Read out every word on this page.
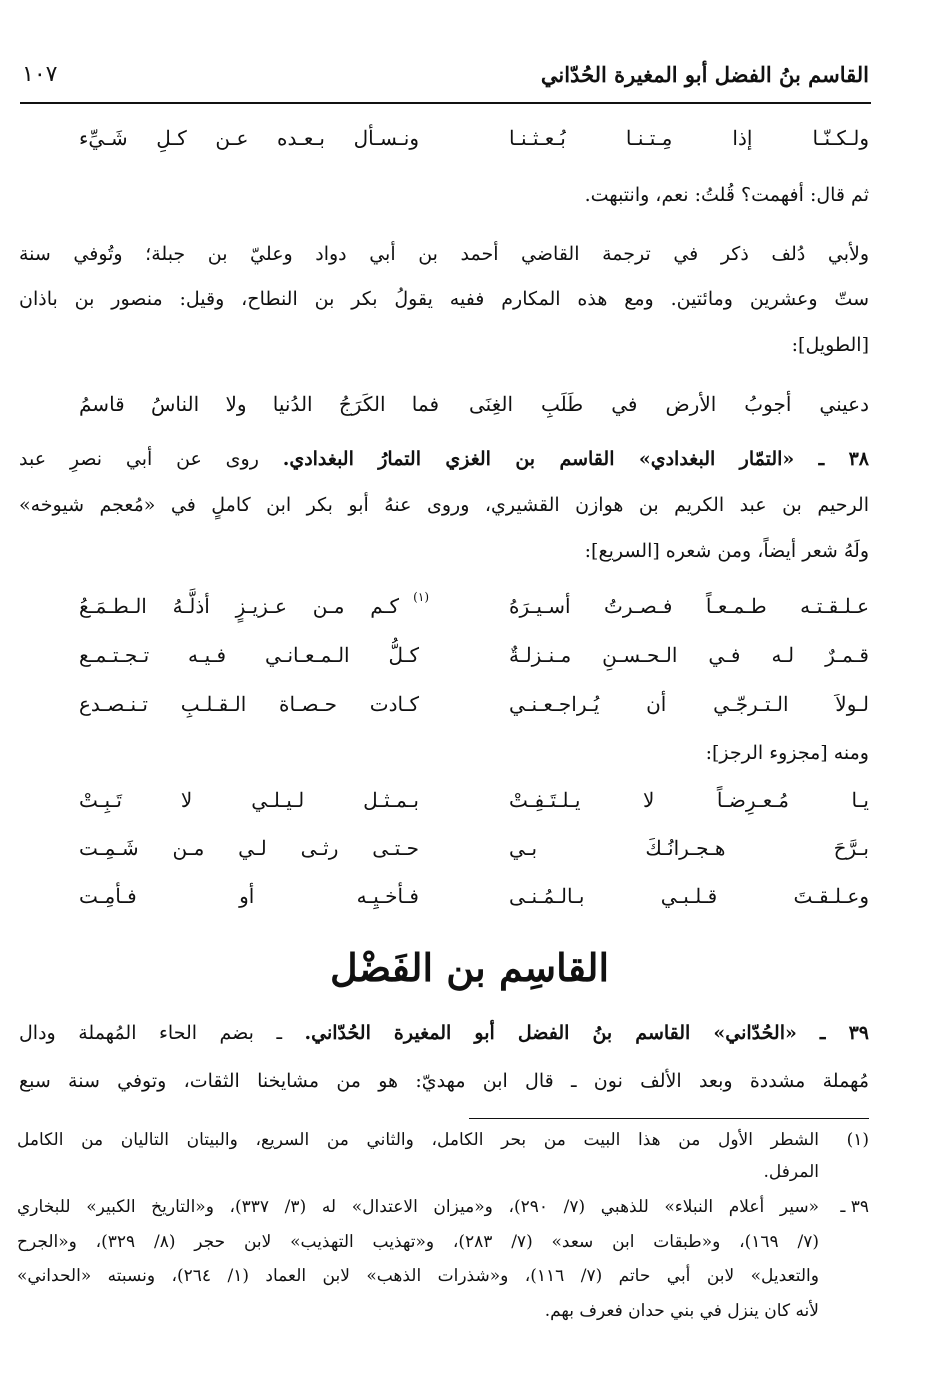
القاسم بنُ الفضل أبو المغيرة الحُدّاني
١٠٧
ولـكـنّـا إذا مِـتـنـا بُـعـثـنـا
ونـسـأل بـعـده عـن كـلِ شَـيِّء
ثم قال: أفهمت؟ قُلتُ: نعم، وانتبهت.
ولأبي دُلف ذكر في ترجمة القاضي أحمد بن أبي دواد وعليّ بن جبلة؛ وتُوفي سنة
ستّ وعشرين ومائتين. ومع هذه المكارم ففيه يقولُ بكر بن النطاح، وقيل: منصور بن باذان
[الطويل]:
دعيني أجوبُ الأرض في طَلَبِ الغِنَى
فما الكَرَجُ الدُنيا ولا الناسُ قاسمُ
٣٨ ـ «التمّار البغدادي» القاسم بن الغزي التمارُ البغدادي. روى عن أبي نصرِ عبد
الرحيم بن عبد الكريم بن هوازن القشيري، وروى عنهُ أبو بكر ابن كاملٍ في «مُعجم شيوخه»
ولَهُ شعر أيضاً، ومن شعره [السريع]:
عـلـقـتـه طـمـعـاً فـصـرتُ أسـيـرَهُ
كـم مـن عـزيـزٍ أذلَّـهُ الـطـمَـعُ (١)
قـمـرٌ لـه فـي الـحـسـنِ مـنـزلـةٌ
كـلُّ الـمـعـانـي فـيـه تـجـتـمـع
لـولاَ الـتـرجّـي أن يُـراجـعـنـي
كـادت حـصـاة الـقـلـبِ تـنـصـدع
ومنه [مجزوء الرجز]:
يـا مُـعـرِضـاً لا يـلـتَـفِـتْ
بـمـثـل لـيـلـي لا تَـبِـتْ
بـرَّحَ هـجـرانُـكَ بـي
حـتـى رثـى لـي مـن شَـمِـت
وعـلـقـتَ قـلـبـي بـالـمُـنـى
فـأخـيِـه أو فـأمِـت
القاسِم بن الفَضْل
٣٩ ـ «الحُدّاني» القاسم بنُ الفضل أبو المغيرة الحُدّاني. ـ بضم الحاء المُهملة ودال
مُهملة مشددة وبعد الألف نون ـ قال ابن مهديّ: هو من مشايخنا الثقات، وتوفي سنة سبع
(١)
الشطر الأول من هذا البيت من بحر الكامل، والثاني من السريع، والبيتان التاليان من الكامل
المرفل.
٣٩ ـ
«سير أعلام النبلاء» للذهبي (٧/ ٢٩٠)، و«ميزان الاعتدال» له (٣/ ٣٣٧)، و«التاريخ الكبير» للبخاري
(٧/ ١٦٩)، و«طبقات ابن سعد» (٧/ ٢٨٣)، و«تهذيب التهذيب» لابن حجر (٨/ ٣٢٩)، و«الجرح
والتعديل» لابن أبي حاتم (٧/ ١١٦)، و«شذرات الذهب» لابن العماد (١/ ٢٦٤)، ونسبته «الحداني»
لأنه كان ينزل في بني حدان فعرف بهم.
